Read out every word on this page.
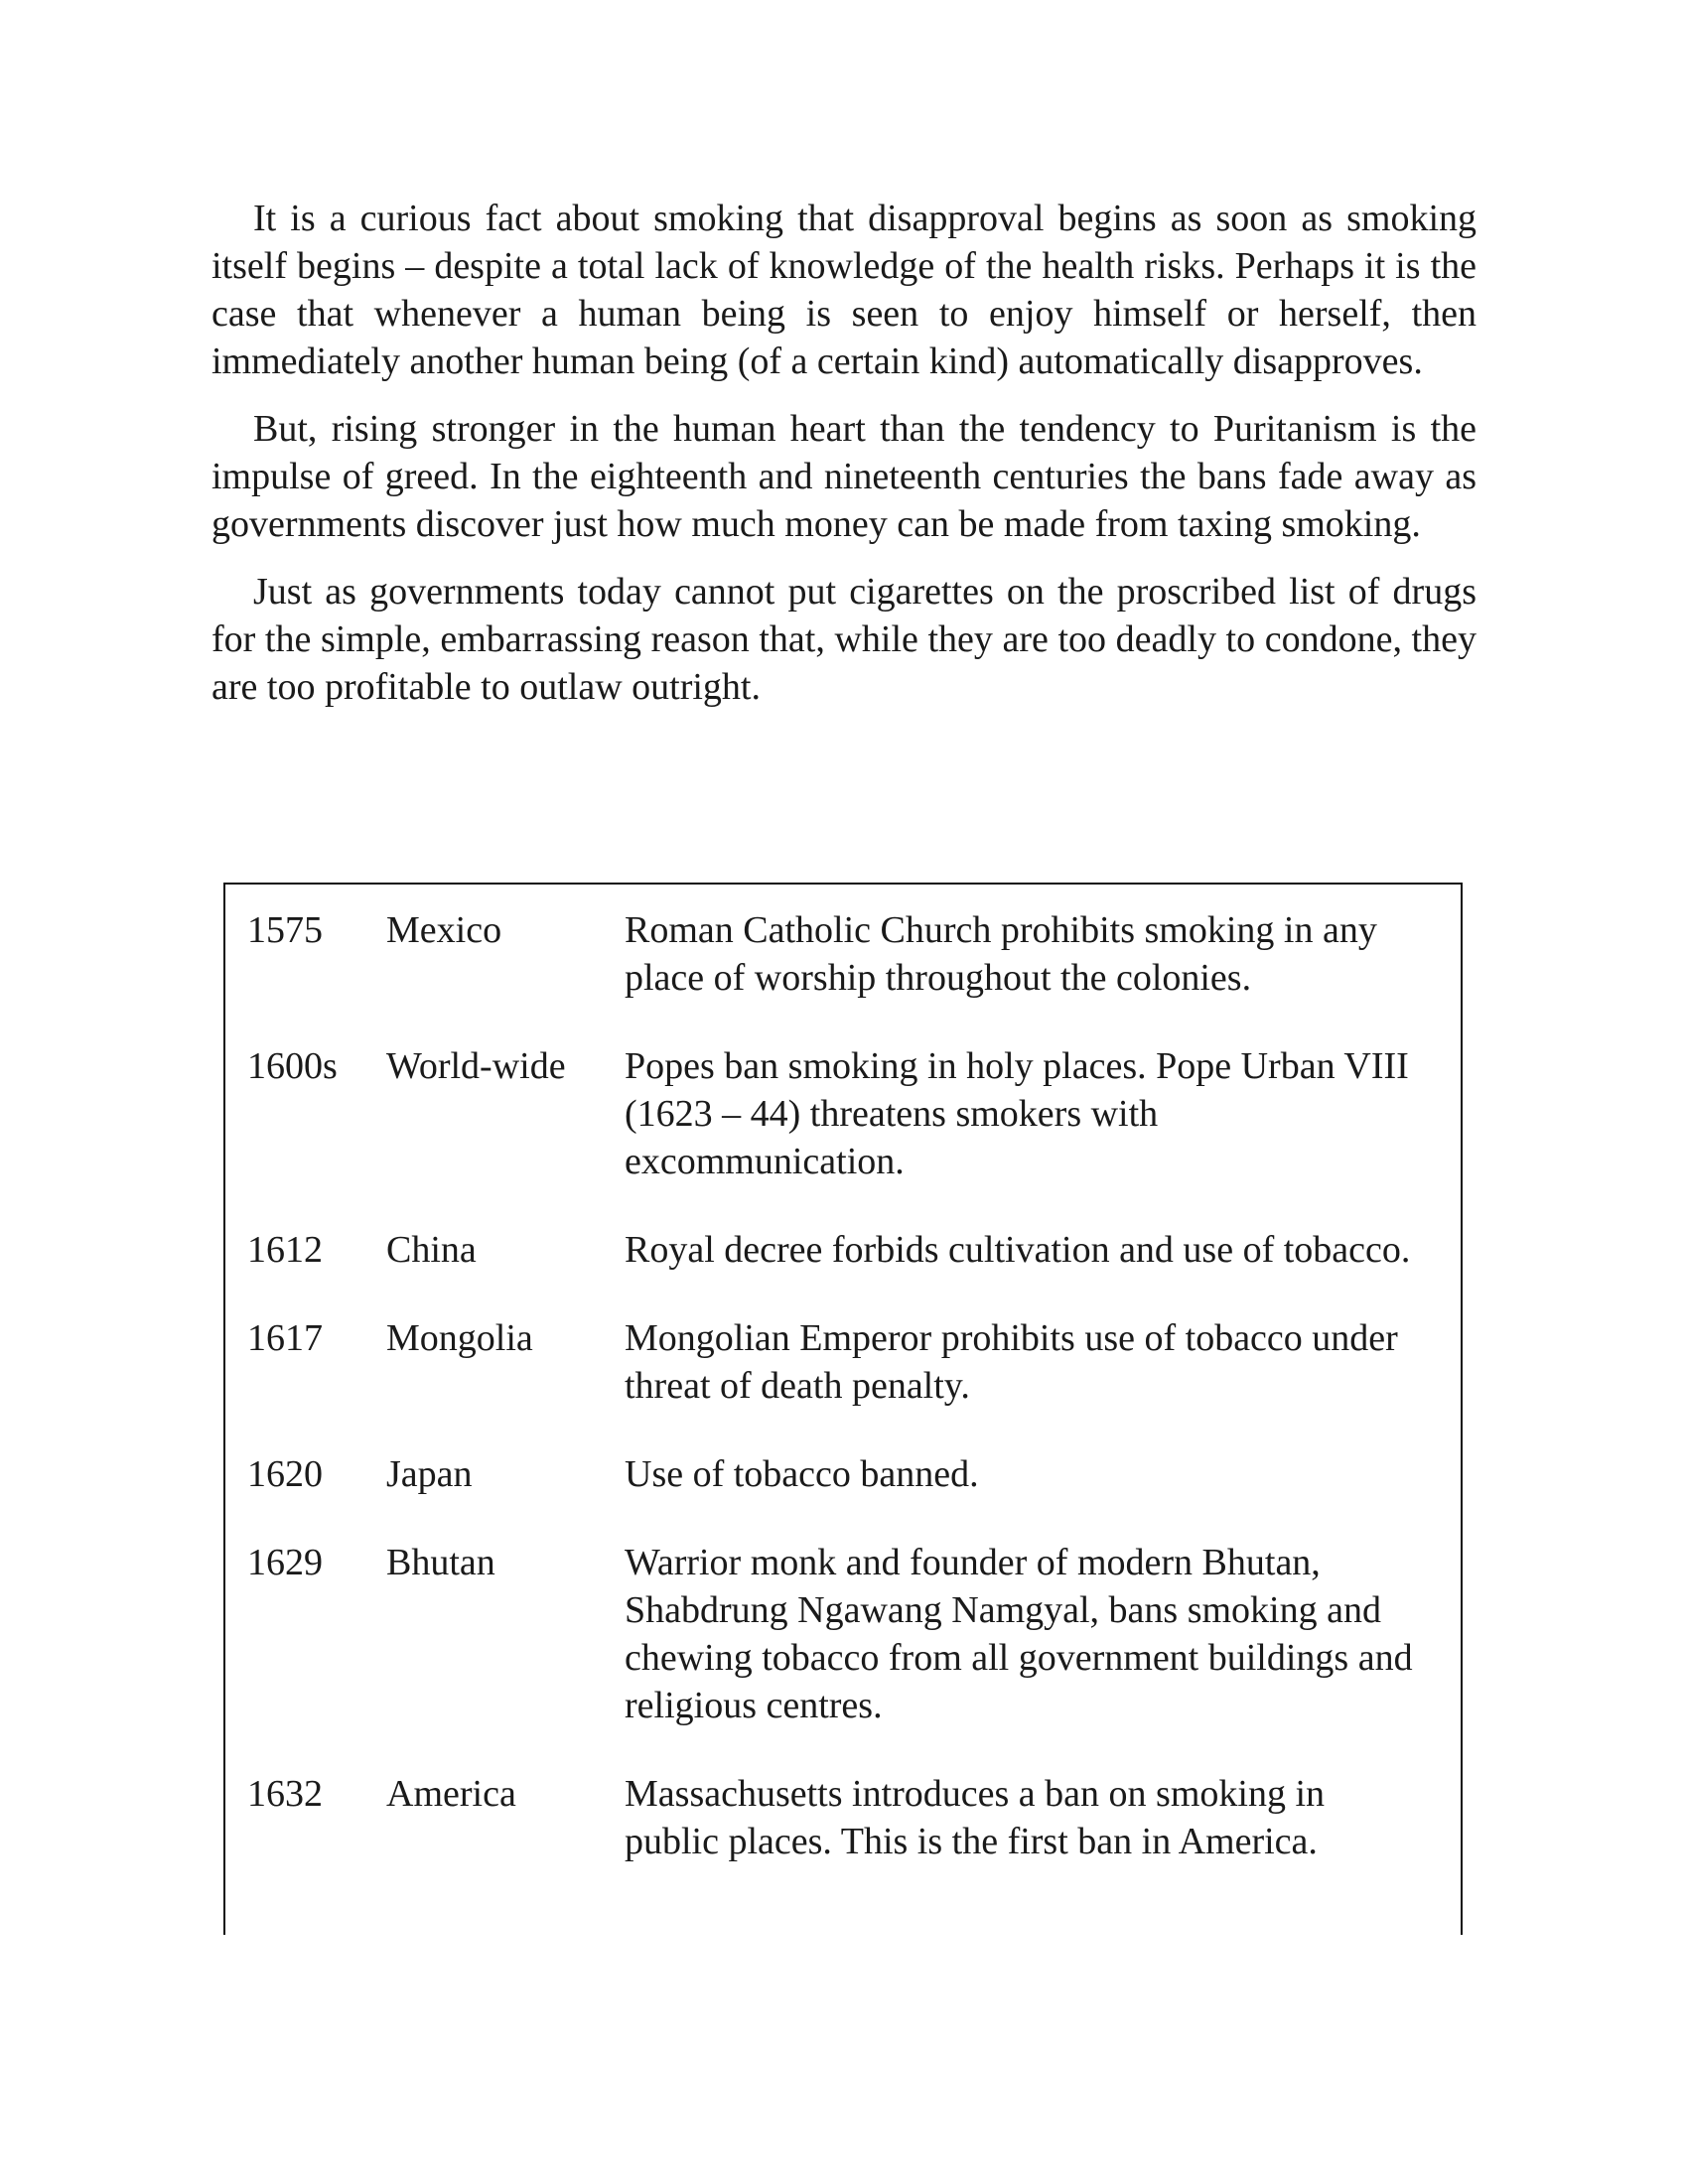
It is a curious fact about smoking that disapproval begins as soon as smoking itself begins – despite a total lack of knowledge of the health risks. Perhaps it is the case that whenever a human being is seen to enjoy himself or herself, then immediately another human being (of a certain kind) automatically disapproves.

But, rising stronger in the human heart than the tendency to Puritanism is the impulse of greed. In the eighteenth and nineteenth centuries the bans fade away as governments discover just how much money can be made from taxing smoking.

Just as governments today cannot put cigarettes on the proscribed list of drugs for the simple, embarrassing reason that, while they are too deadly to condone, they are too profitable to outlaw outright.

1575	Mexico	Roman Catholic Church prohibits smoking in any place of worship throughout the colonies.
1600s	World-wide	Popes ban smoking in holy places. Pope Urban VIII (1623 – 44) threatens smokers with excommunication.
1612	China	Royal decree forbids cultivation and use of tobacco.
1617	Mongolia	Mongolian Emperor prohibits use of tobacco under threat of death penalty.
1620	Japan	Use of tobacco banned.
1629	Bhutan	Warrior monk and founder of modern Bhutan, Shabdrung Ngawang Namgyal, bans smoking and chewing tobacco from all government buildings and religious centres.
1632	America	Massachusetts introduces a ban on smoking in public places. This is the first ban in America.
